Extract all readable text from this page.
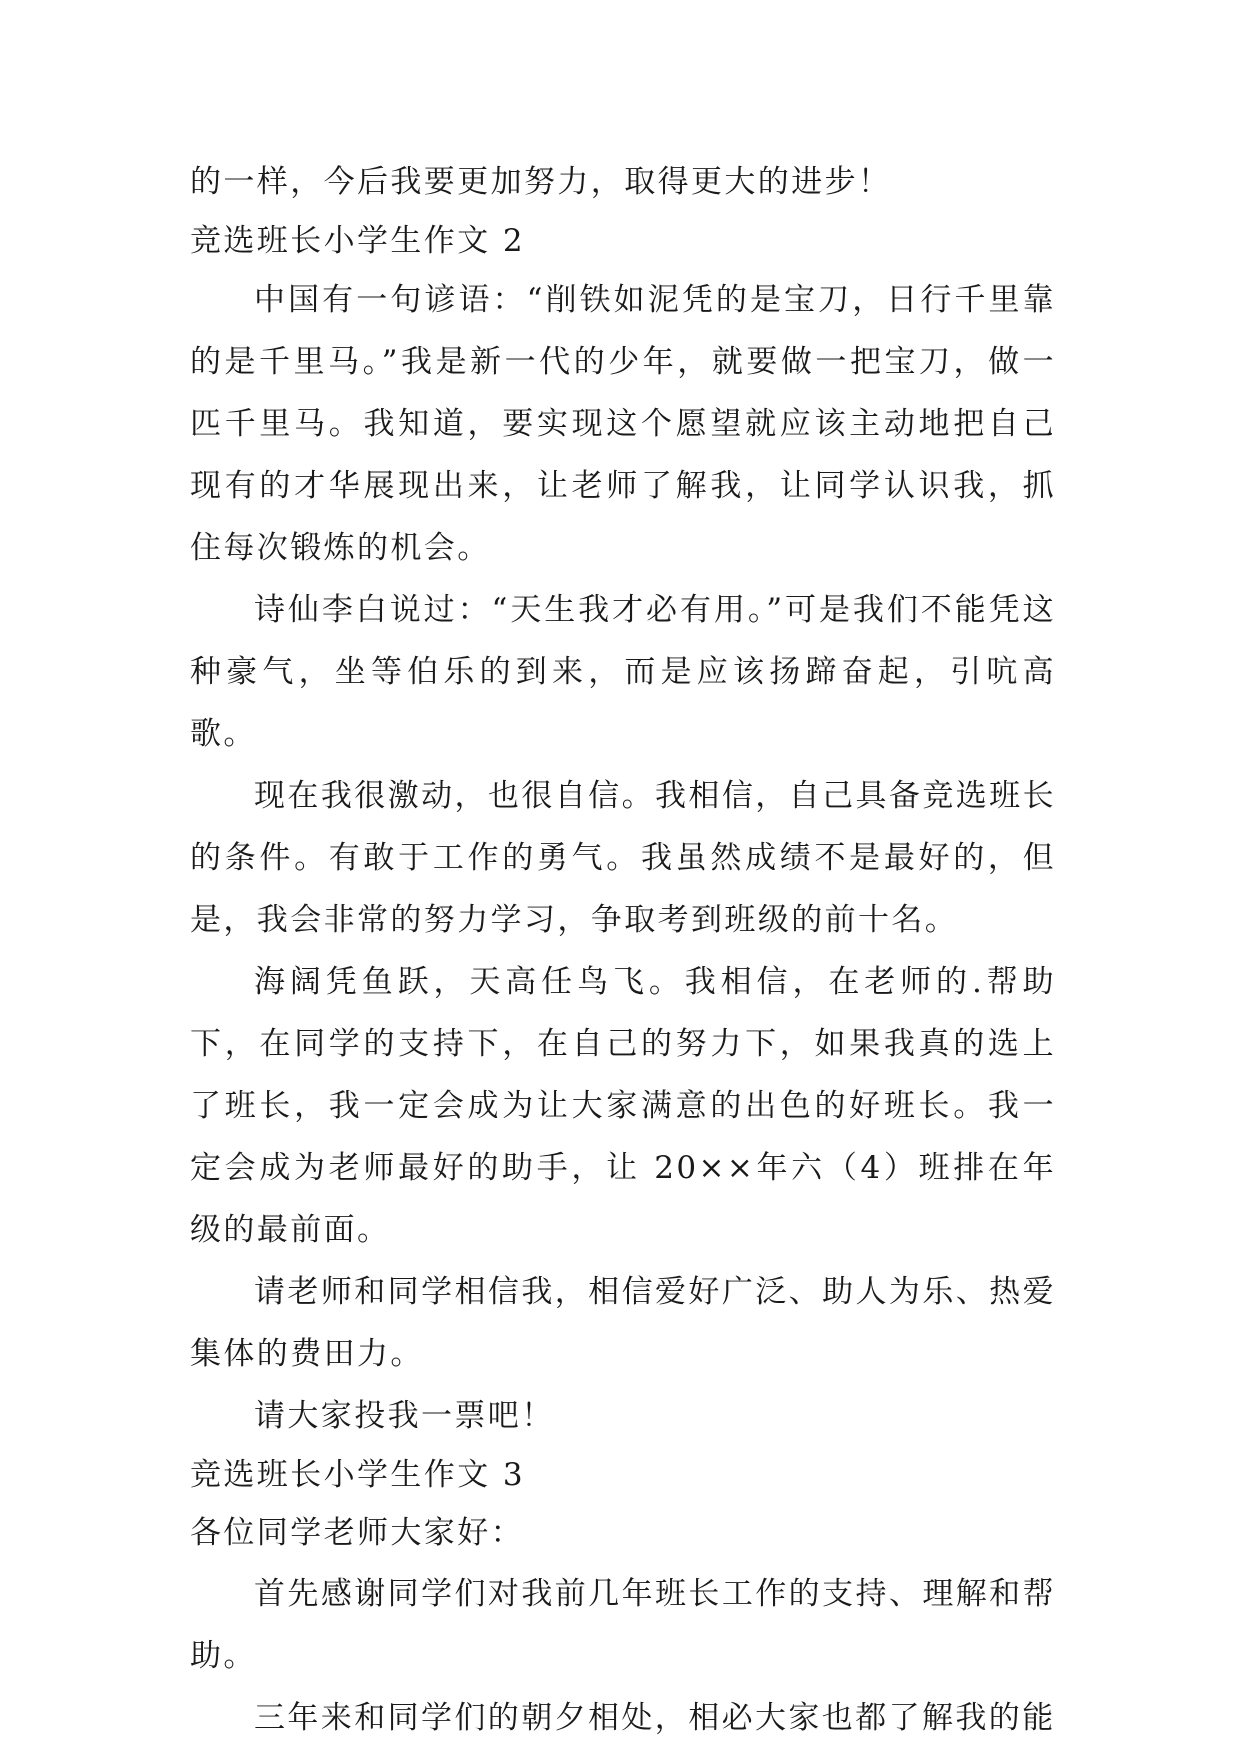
的一样，今后我要更加努力，取得更大的进步！

竞选班长小学生作文 2

中国有一句谚语：“削铁如泥凭的是宝刀，日行千里靠的是千里马。”我是新一代的少年，就要做一把宝刀，做一匹千里马。我知道，要实现这个愿望就应该主动地把自己现有的才华展现出来，让老师了解我，让同学认识我，抓住每次锻炼的机会。

诗仙李白说过：“天生我才必有用。”可是我们不能凭这种豪气，坐等伯乐的到来，而是应该扬蹄奋起，引吭高歌。

现在我很激动，也很自信。我相信，自己具备竞选班长的条件。有敢于工作的勇气。我虽然成绩不是最好的，但是，我会非常的努力学习，争取考到班级的前十名。

海阔凭鱼跃，天高任鸟飞。我相信，在老师的.帮助下，在同学的支持下，在自己的努力下，如果我真的选上了班长，我一定会成为让大家满意的出色的好班长。我一定会成为老师最好的助手，让 20××年六（4）班排在年级的最前面。

请老师和同学相信我，相信爱好广泛、助人为乐、热爱集体的费田力。

请大家投我一票吧！

竞选班长小学生作文 3

各位同学老师大家好：

首先感谢同学们对我前几年班长工作的支持、理解和帮助。

三年来和同学们的朝夕相处，相必大家也都了解我的能
